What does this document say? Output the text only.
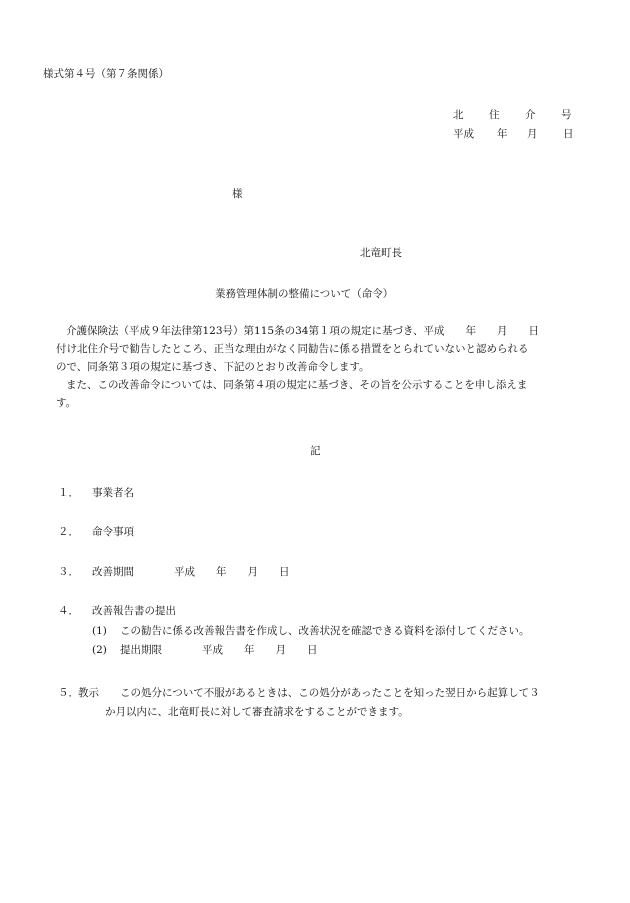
様式第４号（第７条関係）
北 住 介 号
平成 年 月 日
様
北竜町長
業務管理体制の整備について（命令）
介護保険法（平成９年法律第123号）第115条の34第１項の規定に基づき、平成　　年　　月　　日
付け北住介号で勧告したところ、正当な理由がなく同勧告に係る措置をとられていないと認められる
ので、同条第３項の規定に基づき、下記のとおり改善命令します。
また、この改善命令については、同条第４項の規定に基づき、その旨を公示することを申し添えま
す。
記
１． 事業者名
２． 命令事項
３． 改善期間	平成　　年　　月　　日
４． 改善報告書の提出
(1) この勧告に係る改善報告書を作成し、改善状況を確認できる資料を添付してください。
(2) 提出期限	平成　　年　　月　　日
５．教示 この処分について不服があるときは、この処分があったことを知った翌日から起算して３
か月以内に、北竜町長に対して審査請求をすることができます。
